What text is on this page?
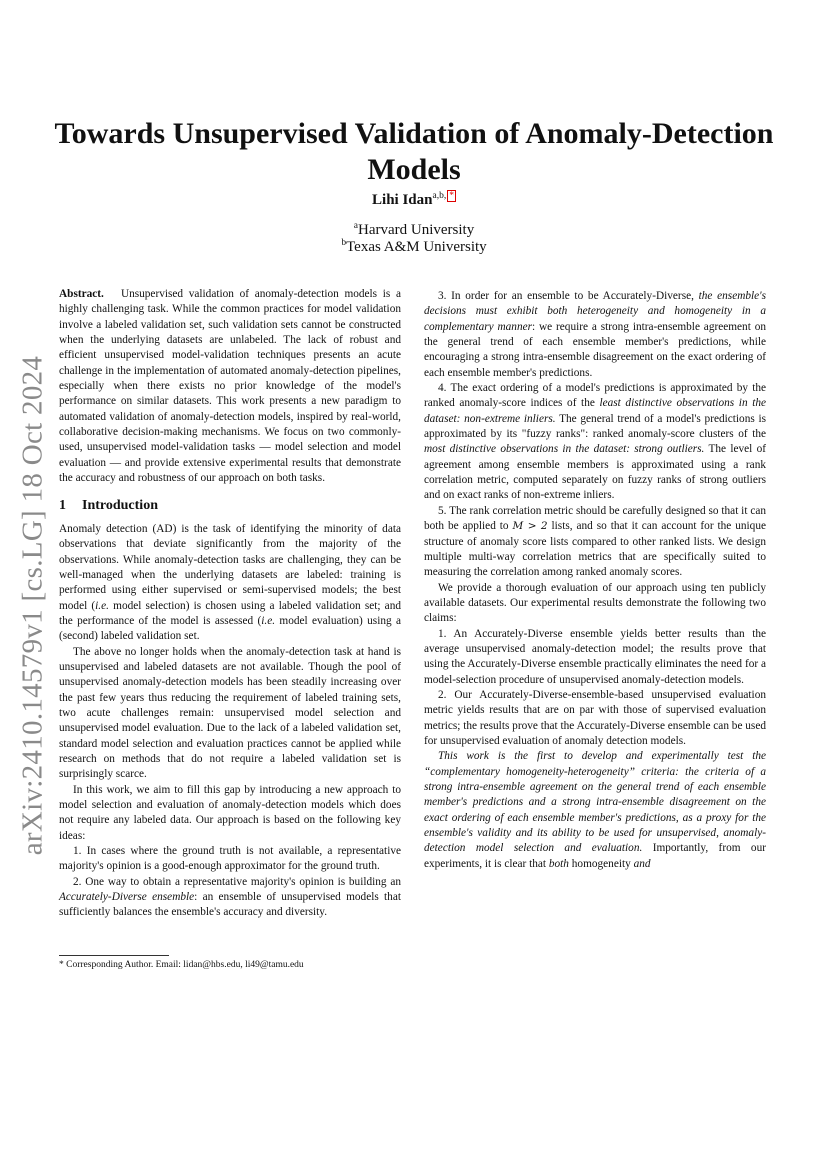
arXiv:2410.14579v1 [cs.LG] 18 Oct 2024
Towards Unsupervised Validation of Anomaly-Detection Models
Lihi Idan$^{a,b,}$ *
$^a$Harvard University
$^b$Texas A&M University

Abstract. Unsupervised validation of anomaly-detection models is a highly challenging task. While the common practices for model validation involve a labeled validation set, such validation sets cannot be constructed when the underlying datasets are unlabeled. The lack of robust and efficient unsupervised model-validation techniques presents an acute challenge in the implementation of automated anomaly-detection pipelines, especially when there exists no prior knowledge of the model's performance on similar datasets. This work presents a new paradigm to automated validation of anomaly-detection models, inspired by real-world, collaborative decision-making mechanisms. We focus on two commonly-used, unsupervised model-validation tasks — model selection and model evaluation — and provide extensive experimental results that demonstrate the accuracy and robustness of our approach on both tasks.

1 Introduction

Anomaly detection (AD) is the task of identifying the minority of data observations that deviate significantly from the majority of the observations. While anomaly-detection tasks are challenging, they can be well-managed when the underlying datasets are labeled: training is performed using either supervised or semi-supervised models; the best model (i.e. model selection) is chosen using a labeled validation set; and the performance of the model is assessed (i.e. model evaluation) using a (second) labeled validation set.

The above no longer holds when the anomaly-detection task at hand is unsupervised and labeled datasets are not available. Though the pool of unsupervised anomaly-detection models has been steadily increasing over the past few years thus reducing the requirement of labeled training sets, two acute challenges remain: unsupervised model selection and unsupervised model evaluation. Due to the lack of a labeled validation set, standard model selection and evaluation practices cannot be applied while research on methods that do not require a labeled validation set is surprisingly scarce.

In this work, we aim to fill this gap by introducing a new approach to model selection and evaluation of anomaly-detection models which does not require any labeled data. Our approach is based on the following key ideas:

1. In cases where the ground truth is not available, a representative majority's opinion is a good-enough approximator for the ground truth.

2. One way to obtain a representative majority's opinion is building an Accurately-Diverse ensemble: an ensemble of unsupervised models that sufficiently balances the ensemble's accuracy and diversity.

* Corresponding Author. Email: lidan@hbs.edu, li49@tamu.edu

3. In order for an ensemble to be Accurately-Diverse, the ensemble's decisions must exhibit both heterogeneity and homogeneity in a complementary manner: we require a strong intra-ensemble agreement on the general trend of each ensemble member's predictions, while encouraging a strong intra-ensemble disagreement on the exact ordering of each ensemble member's predictions.

4. The exact ordering of a model's predictions is approximated by the ranked anomaly-score indices of the least distinctive observations in the dataset: non-extreme inliers. The general trend of a model's predictions is approximated by its "fuzzy ranks": ranked anomaly-score clusters of the most distinctive observations in the dataset: strong outliers. The level of agreement among ensemble members is approximated using a rank correlation metric, computed separately on fuzzy ranks of strong outliers and on exact ranks of non-extreme inliers.

5. The rank correlation metric should be carefully designed so that it can both be applied to M > 2 lists, and so that it can account for the unique structure of anomaly score lists compared to other ranked lists. We design multiple multi-way correlation metrics that are specifically suited to measuring the correlation among ranked anomaly scores.

We provide a thorough evaluation of our approach using ten publicly available datasets. Our experimental results demonstrate the following two claims:

1. An Accurately-Diverse ensemble yields better results than the average unsupervised anomaly-detection model; the results prove that using the Accurately-Diverse ensemble practically eliminates the need for a model-selection procedure of unsupervised anomaly-detection models.

2. Our Accurately-Diverse-ensemble-based unsupervised evaluation metric yields results that are on par with those of supervised evaluation metrics; the results prove that the Accurately-Diverse ensemble can be used for unsupervised evaluation of anomaly detection models.

This work is the first to develop and experimentally test the “complementary homogeneity-heterogeneity” criteria: the criteria of a strong intra-ensemble agreement on the general trend of each ensemble member's predictions and a strong intra-ensemble disagreement on the exact ordering of each ensemble member's predictions, as a proxy for the ensemble's validity and its ability to be used for unsupervised, anomaly-detection model selection and evaluation. Importantly, from our experiments, it is clear that both homogeneity and
